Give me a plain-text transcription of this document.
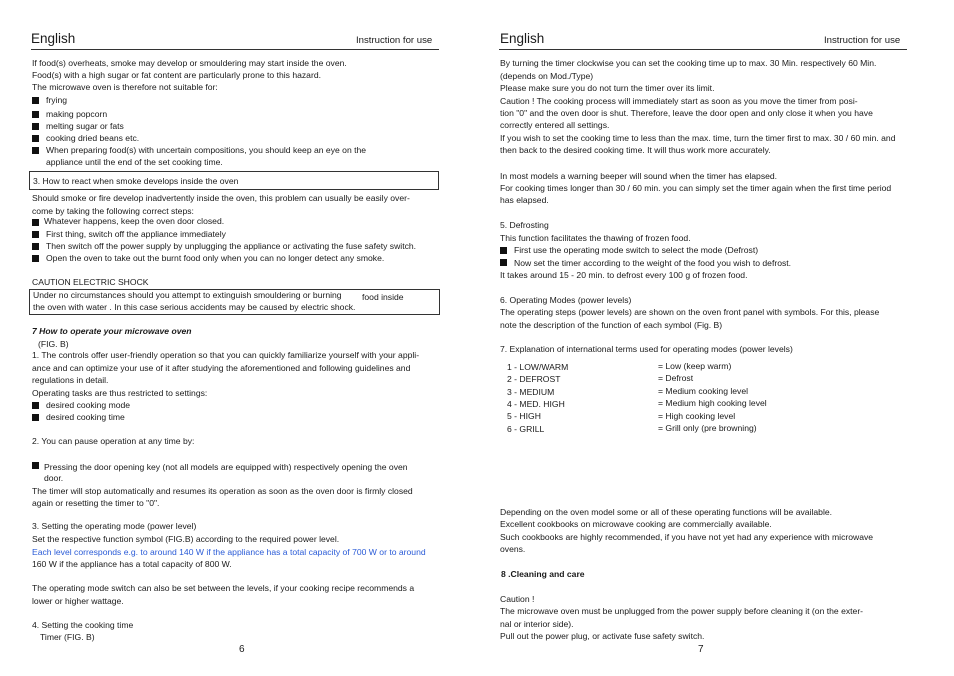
English	Instruction for use
If food(s) overheats, smoke may develop or smouldering may start inside the oven.
Food(s) with a high sugar or fat content are particularly prone to this hazard.
The microwave oven is therefore not suitable for:
frying
making popcorn
melting sugar or fats
cooking dried beans etc.
When preparing food(s) with uncertain compositions, you should keep an eye on the
appliance until the end of the set cooking time.
3. How to react when smoke develops inside the oven
Should smoke or fire develop inadvertently inside the oven, this problem can usually be easily over-
come by taking the following correct steps:
Whatever happens, keep the oven door closed.
First thing, switch off the appliance immediately
Then switch off the power supply by unplugging the appliance or activating the fuse safety switch.
Open the oven to take out the burnt food only when you can no longer detect any smoke.
CAUTION ELECTRIC SHOCK
Under no circumstances should you attempt to extinguish smouldering or burning food inside
the oven with water . In this case serious accidents may be caused by electric shock.
7 How to operate your microwave oven
(FIG. B)
1. The controls offer user-friendly operation so that you can quickly familiarize yourself with your appli-
ance and can optimize your use of it after studying the aforementioned and following guidelines and
regulations in detail.
Operating tasks are thus restricted to settings:
desired cooking mode
desired cooking time
2. You can pause operation at any time by:
Pressing the door opening key (not all models are equipped with) respectively opening the oven
door.
The timer will stop automatically and resumes its operation as soon as the oven door is firmly closed
again or resetting the timer to "0".
3. Setting the operating mode (power level)
Set the respective function symbol (FIG.B) according to the required power level.
Each level corresponds e.g. to around 140 W if the appliance has a total capacity of 700 W or to around
160 W if the appliance has a total capacity of 800 W.
The operating mode switch can also be set between the levels, if your cooking recipe recommends a
lower or higher wattage.
4. Setting the cooking time
Timer (FIG. B)
6
English	Instruction for use
By turning the timer clockwise you can set the cooking time up to max. 30 Min. respectively 60 Min.
(depends on Mod./Type)
Please make sure you do not turn the timer over its limit.
Caution ! The cooking process will immediately start as soon as you move the timer from posi-
tion "0" and the oven door is shut. Therefore, leave the door open and only close it when you have
correctly entered all settings.
If you wish to set the cooking time to less than the max. time, turn the timer first to max. 30 / 60 min. and
then back to the desired cooking time. It will thus work more accurately.
In most models a warning beeper will sound when the timer has elapsed.
For cooking times longer than 30 / 60 min. you can simply set the timer again when the first time period
has elapsed.
5. Defrosting
This function facilitates the thawing of frozen food.
First use the operating mode switch to select the mode (Defrost)
Now set the timer according to the weight of the food you wish to defrost.
It takes around 15 - 20 min. to defrost every 100 g of frozen food.
6. Operating Modes (power levels)
The operating steps (power levels) are shown on the oven front panel with symbols. For this, please
note the description of the function of each symbol (Fig. B)
7. Explanation of international terms used for operating modes (power levels)
1 - LOW/WARM	= Low (keep warm)
2 - DEFROST	= Defrost
3 - MEDIUM	= Medium cooking level
4 - MED. HIGH	= Medium high cooking level
5 - HIGH	= High cooking level
6 - GRILL	= Grill only (pre browning)
Depending on the oven model some or all of these operating functions will be available.
Excellent cookbooks on microwave cooking are commercially available.
Such cookbooks are highly recommended, if you have not yet had any experience with microwave
ovens.
8 .Cleaning and care
Caution !
The microwave oven must be unplugged from the power supply before cleaning it (on the exter-
nal or interior side).
Pull out the power plug, or activate fuse safety switch.
7
